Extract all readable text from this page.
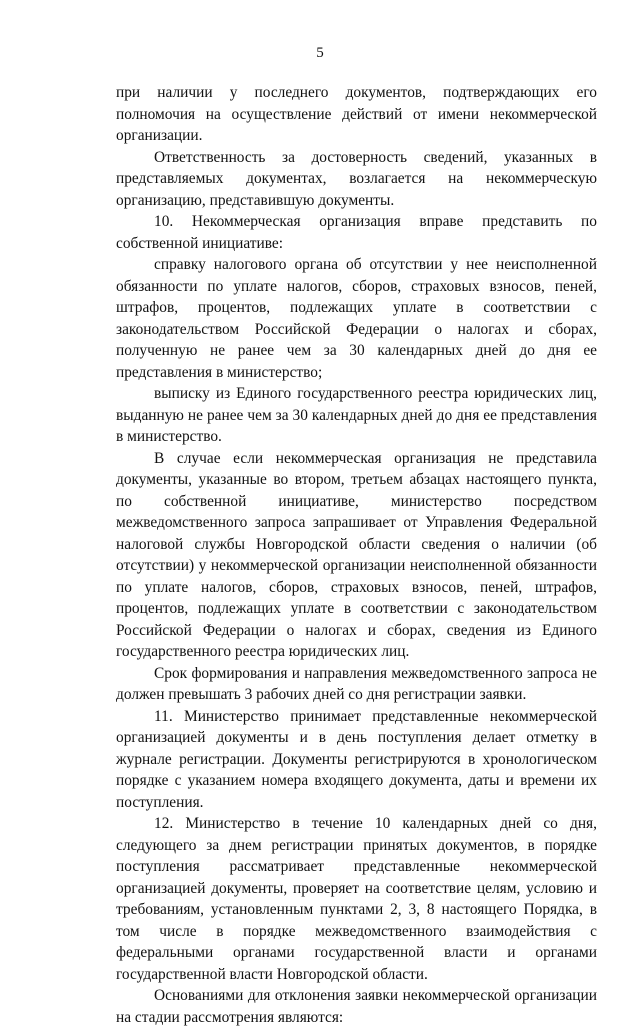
5

при наличии у последнего документов, подтверждающих его полномочия на осуществление действий от имени некоммерческой организации.

Ответственность за достоверность сведений, указанных в представляемых документах, возлагается на некоммерческую организацию, представившую документы.

10. Некоммерческая организация вправе представить по собственной инициативе:

справку налогового органа об отсутствии у нее неисполненной обязанности по уплате налогов, сборов, страховых взносов, пеней, штрафов, процентов, подлежащих уплате в соответствии с законодательством Российской Федерации о налогах и сборах, полученную не ранее чем за 30 календарных дней до дня ее представления в министерство;

выписку из Единого государственного реестра юридических лиц, выданную не ранее чем за 30 календарных дней до дня ее представления в министерство.

В случае если некоммерческая организация не представила документы, указанные во втором, третьем абзацах настоящего пункта, по собственной инициативе, министерство посредством межведомственного запроса запрашивает от Управления Федеральной налоговой службы Новгородской области сведения о наличии (об отсутствии) у некоммерческой организации неисполненной обязанности по уплате налогов, сборов, страховых взносов, пеней, штрафов, процентов, подлежащих уплате в соответствии с законодательством Российской Федерации о налогах и сборах, сведения из Единого государственного реестра юридических лиц.

Срок формирования и направления межведомственного запроса не должен превышать 3 рабочих дней со дня регистрации заявки.

11. Министерство принимает представленные некоммерческой организацией документы и в день поступления делает отметку в журнале регистрации. Документы регистрируются в хронологическом порядке с указанием номера входящего документа, даты и времени их поступления.

12. Министерство в течение 10 календарных дней со дня, следующего за днем регистрации принятых документов, в порядке поступления рассматривает представленные некоммерческой организацией документы, проверяет на соответствие целям, условию и требованиям, установленным пунктами 2, 3, 8 настоящего Порядка, в том числе в порядке межведомственного взаимодействия с федеральными органами государственной власти и органами государственной власти Новгородской области.

Основаниями для отклонения заявки некоммерческой организации на стадии рассмотрения являются:
